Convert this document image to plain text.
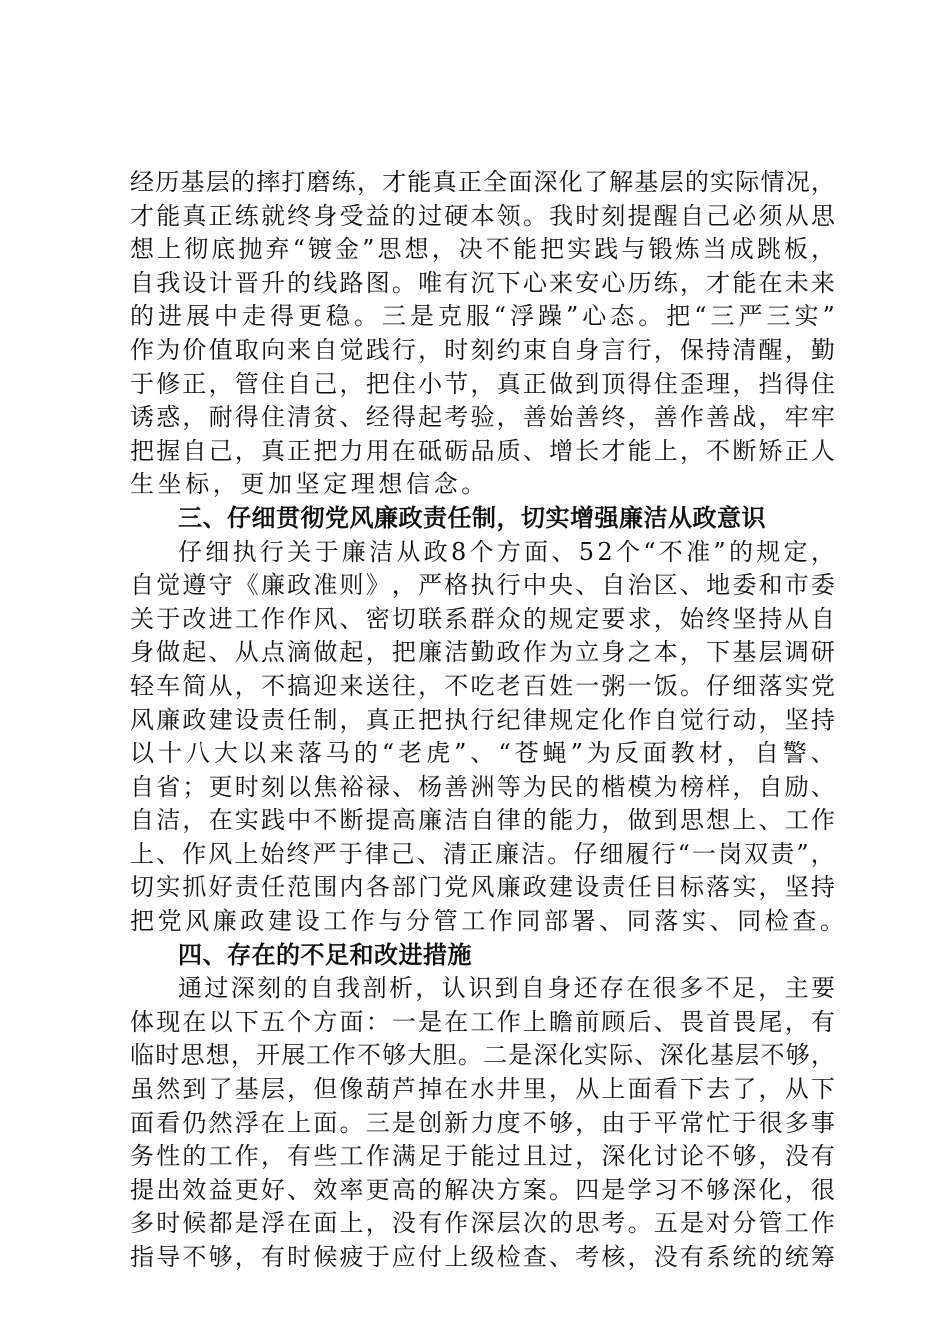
经 历 基 层 的 摔 打 磨 练 ， 才 能 真 正 全 面 深 化 了 解 基 层 的 实 际 情 况 ，
才 能 真 正 练 就 终 身 受 益 的 过 硬 本 领 。 我 时 刻 提 醒 自 己 必 须 从 思
想 上 彻 底 抛 弃 “ 镀 金 ” 思 想 ， 决 不 能 把 实 践 与 锻 炼 当 成 跳 板 ，
自 我 设 计 晋 升 的 线 路 图 。 唯 有 沉 下 心 来 安 心 历 练 ， 才 能 在 未 来
的 进 展 中 走 得 更 稳 。 三 是 克 服 “ 浮 躁 ” 心 态 。 把 “ 三 严 三 实 ”
作 为 价 值 取 向 来 自 觉 践 行 ， 时 刻 约 束 自 身 言 行 ， 保 持 清 醒 ， 勤
于 修 正 ， 管 住 自 己 ， 把 住 小 节 ， 真 正 做 到 顶 得 住 歪 理 ， 挡 得 住
诱 惑 ， 耐 得 住 清 贫 、 经 得 起 考 验 ， 善 始 善 终 ， 善 作 善 战 ， 牢 牢
把 握 自 己 ， 真 正 把 力 用 在 砥 砺 品 质 、 增 长 才 能 上 ， 不 断 矫 正 人
生坐标，更加坚定理想信念。
三、仔细贯彻党风廉政责任制，切实增强廉洁从政意识
仔 细 执 行 关 于 廉 洁 从 政 8 个 方 面 、 5 2 个 “ 不 准 ” 的 规 定 ，
自 觉 遵 守 《 廉 政 准 则 》 ， 严 格 执 行 中 央 、 自 治 区 、 地 委 和 市 委
关 于 改 进 工 作 作 风 、 密 切 联 系 群 众 的 规 定 要 求 ， 始 终 坚 持 从 自
身 做 起 、 从 点 滴 做 起 ， 把 廉 洁 勤 政 作 为 立 身 之 本 ， 下 基 层 调 研
轻 车 简 从 ， 不 搞 迎 来 送 往 ， 不 吃 老 百 姓 一 粥 一 饭 。 仔 细 落 实 党
风 廉 政 建 设 责 任 制 ， 真 正 把 执 行 纪 律 规 定 化 作 自 觉 行 动 ， 坚 持
以 十 八 大 以 来 落 马 的 “ 老 虎 ” 、 “ 苍 蝇 ” 为 反 面 教 材 ， 自 警 、
自 省 ； 更 时 刻 以 焦 裕 禄 、 杨 善 洲 等 为 民 的 楷 模 为 榜 样 ， 自 励 、
自 洁 ， 在 实 践 中 不 断 提 高 廉 洁 自 律 的 能 力 ， 做 到 思 想 上 、 工 作
上 、 作 风 上 始 终 严 于 律 己 、 清 正 廉 洁 。 仔 细 履 行 “ 一 岗 双 责 ” ，
切 实 抓 好 责 任 范 围 内 各 部 门 党 风 廉 政 建 设 责 任 目 标 落 实 ， 坚 持
把党风廉政建设工作与分管工作同部署、同落实、同检查。
四、存在的不足和改进措施
通 过 深 刻 的 自 我 剖 析 ， 认 识 到 自 身 还 存 在 很 多 不 足 ， 主 要
体 现 在 以 下 五 个 方 面 ： 一 是 在 工 作 上 瞻 前 顾 后 、 畏 首 畏 尾 ， 有
临 时 思 想 ， 开 展 工 作 不 够 大 胆 。 二 是 深 化 实 际 、 深 化 基 层 不 够 ，
虽 然 到 了 基 层 ， 但 像 葫 芦 掉 在 水 井 里 ， 从 上 面 看 下 去 了 ， 从 下
面 看 仍 然 浮 在 上 面 。 三 是 创 新 力 度 不 够 ， 由 于 平 常 忙 于 很 多 事
务 性 的 工 作 ， 有 些 工 作 满 足 于 能 过 且 过 ， 深 化 讨 论 不 够 ， 没 有
提 出 效 益 更 好 、 效 率 更 高 的 解 决 方 案 。 四 是 学 习 不 够 深 化 ， 很
多 时 候 都 是 浮 在 面 上 ， 没 有 作 深 层 次 的 思 考 。 五 是 对 分 管 工 作
指 导 不 够 ， 有 时 候 疲 于 应 付 上 级 检 查 、 考 核 ， 没 有 系 统 的 统 筹
